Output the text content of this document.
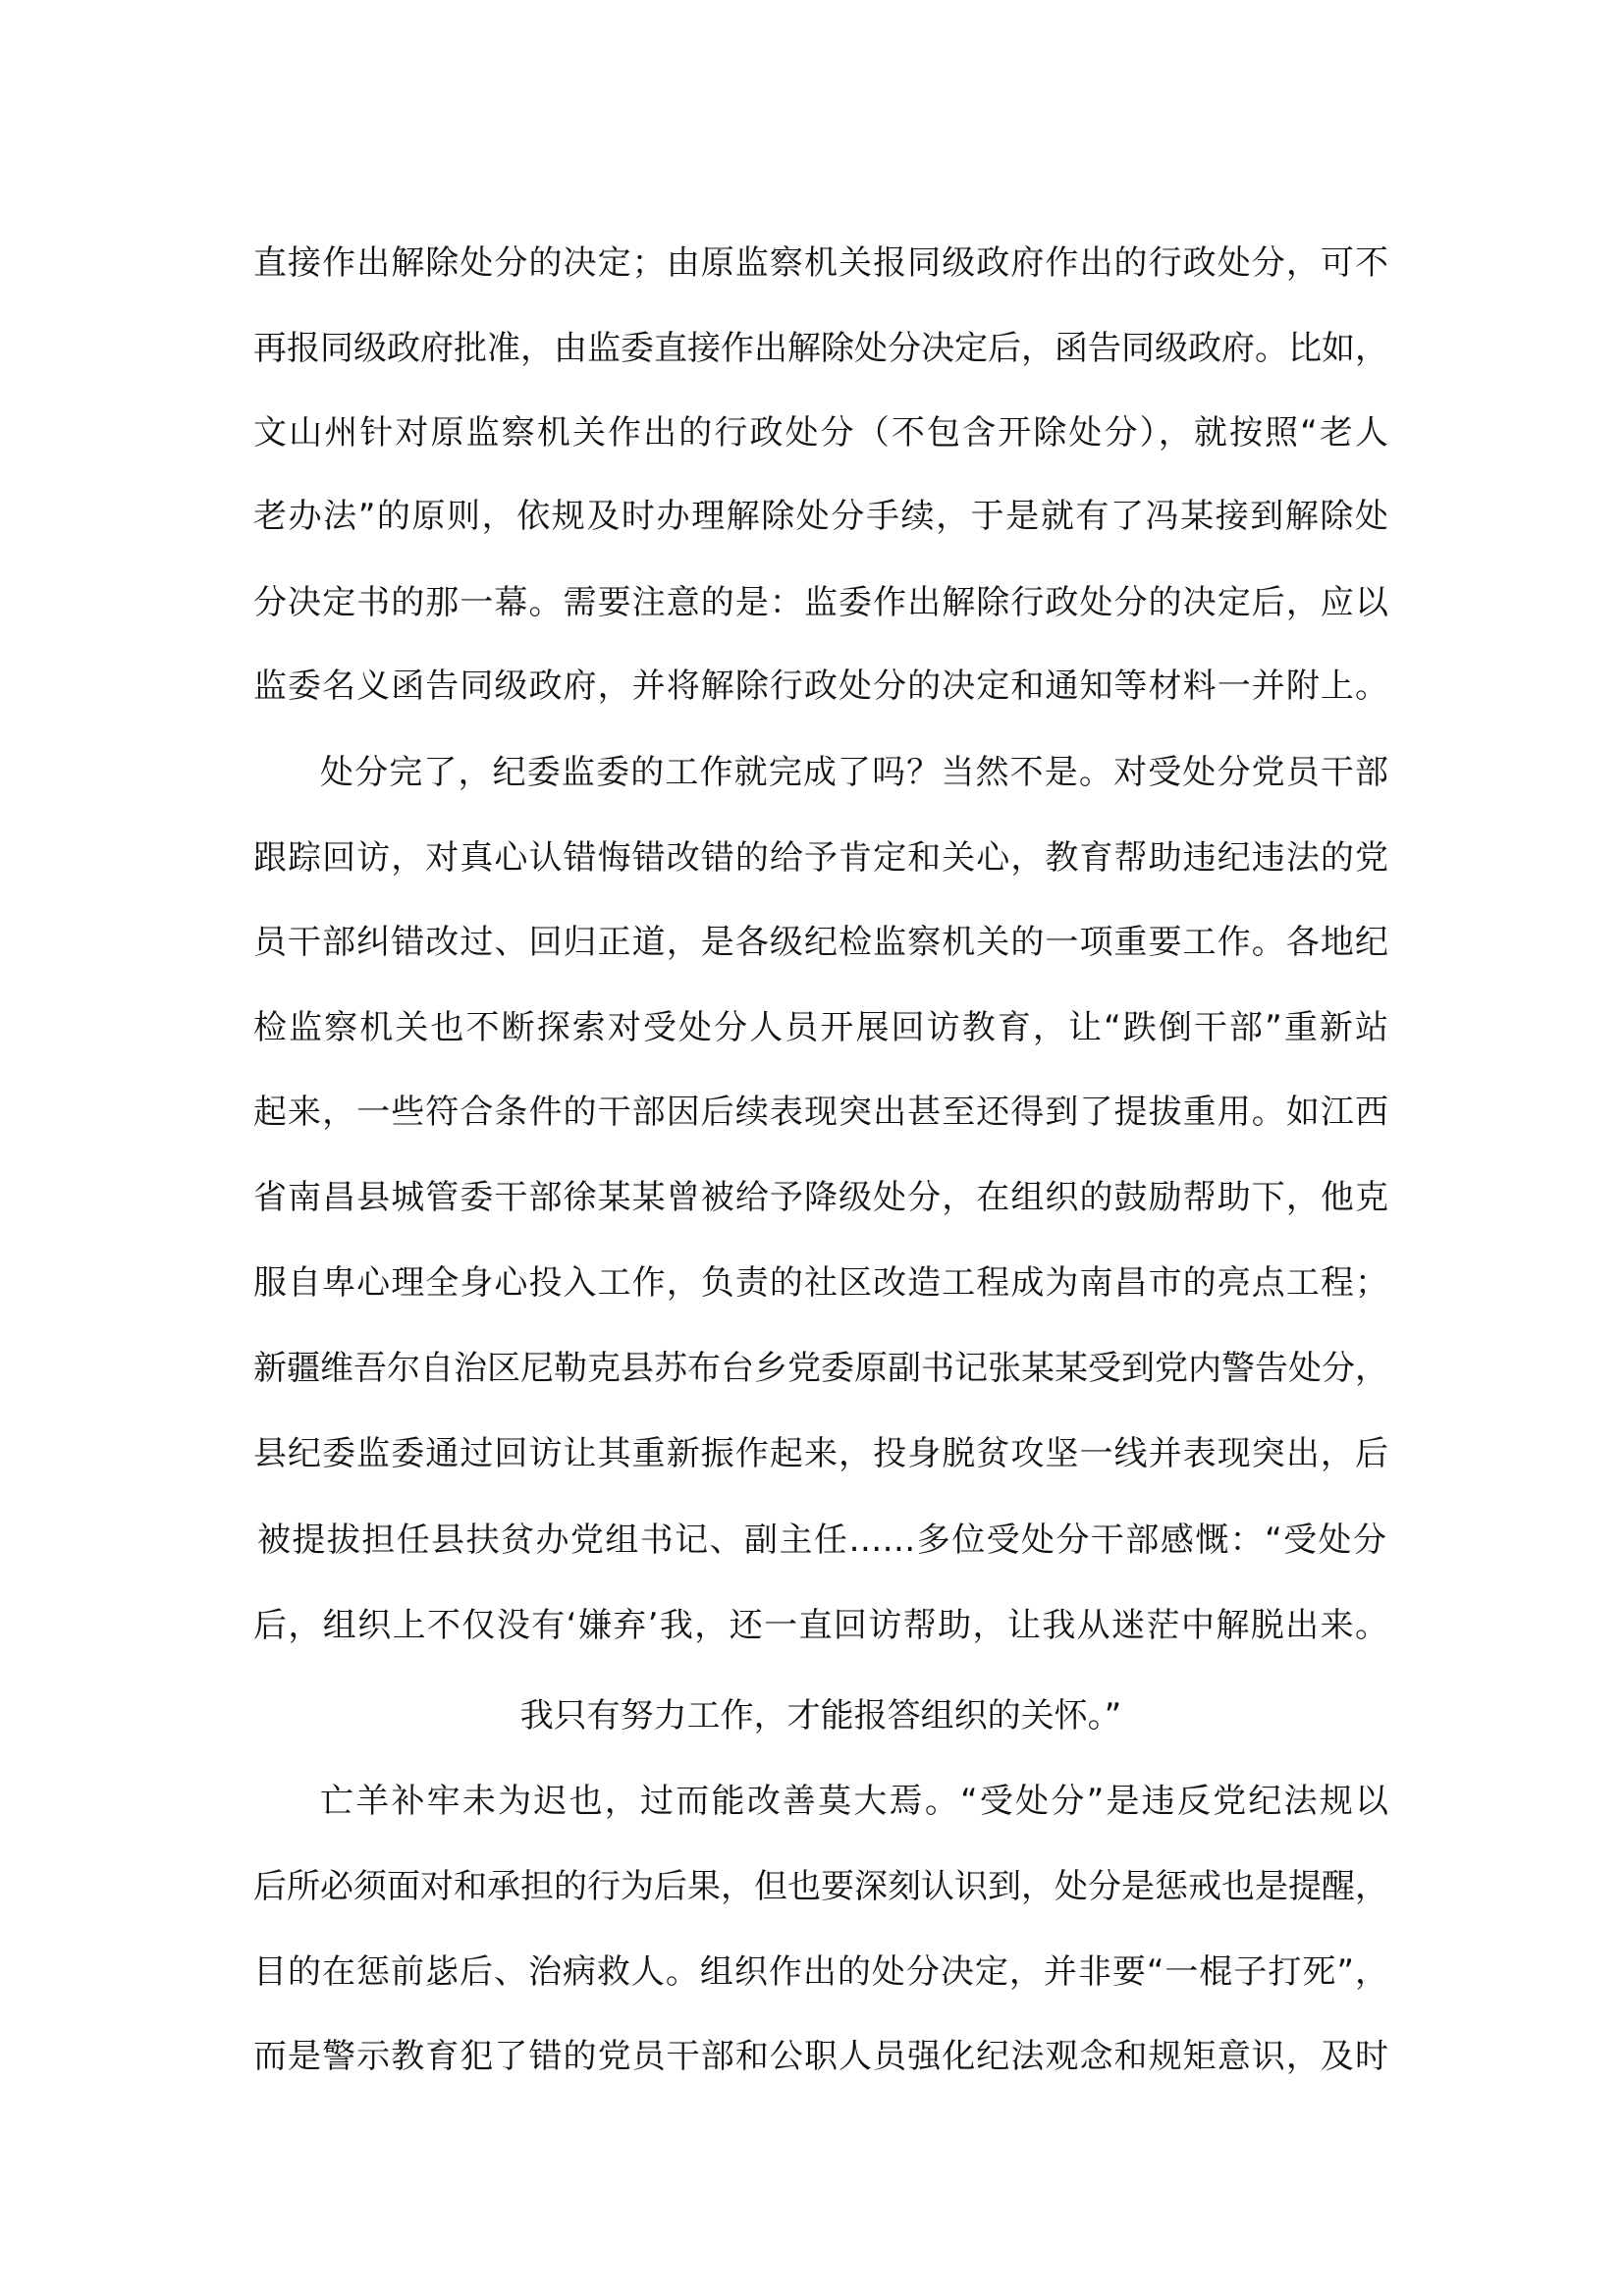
直接作出解除处分的决定；由原监察机关报同级政府作出的行政处分，可不
再报同级政府批准，由监委直接作出解除处分决定后，函告同级政府。比如，
文山州针对原监察机关作出的行政处分（不包含开除处分），就按照“老人
老办法”的原则，依规及时办理解除处分手续，于是就有了冯某接到解除处
分决定书的那一幕。需要注意的是：监委作出解除行政处分的决定后，应以
监委名义函告同级政府，并将解除行政处分的决定和通知等材料一并附上。
处分完了，纪委监委的工作就完成了吗？当然不是。对受处分党员干部
跟踪回访，对真心认错悔错改错的给予肯定和关心，教育帮助违纪违法的党
员干部纠错改过、回归正道，是各级纪检监察机关的一项重要工作。各地纪
检监察机关也不断探索对受处分人员开展回访教育，让“跌倒干部”重新站
起来，一些符合条件的干部因后续表现突出甚至还得到了提拔重用。如江西
省南昌县城管委干部徐某某曾被给予降级处分，在组织的鼓励帮助下，他克
服自卑心理全身心投入工作，负责的社区改造工程成为南昌市的亮点工程；
新疆维吾尔自治区尼勒克县苏布台乡党委原副书记张某某受到党内警告处分，
县纪委监委通过回访让其重新振作起来，投身脱贫攻坚一线并表现突出，后
被提拔担任县扶贫办党组书记、副主任……多位受处分干部感慨：“受处分
后，组织上不仅没有‘嫌弃’我，还一直回访帮助，让我从迷茫中解脱出来。
我只有努力工作，才能报答组织的关怀。”
亡羊补牢未为迟也，过而能改善莫大焉。“受处分”是违反党纪法规以
后所必须面对和承担的行为后果，但也要深刻认识到，处分是惩戒也是提醒，
目的在惩前毖后、治病救人。组织作出的处分决定，并非要“一棍子打死”，
而是警示教育犯了错的党员干部和公职人员强化纪法观念和规矩意识，及时
